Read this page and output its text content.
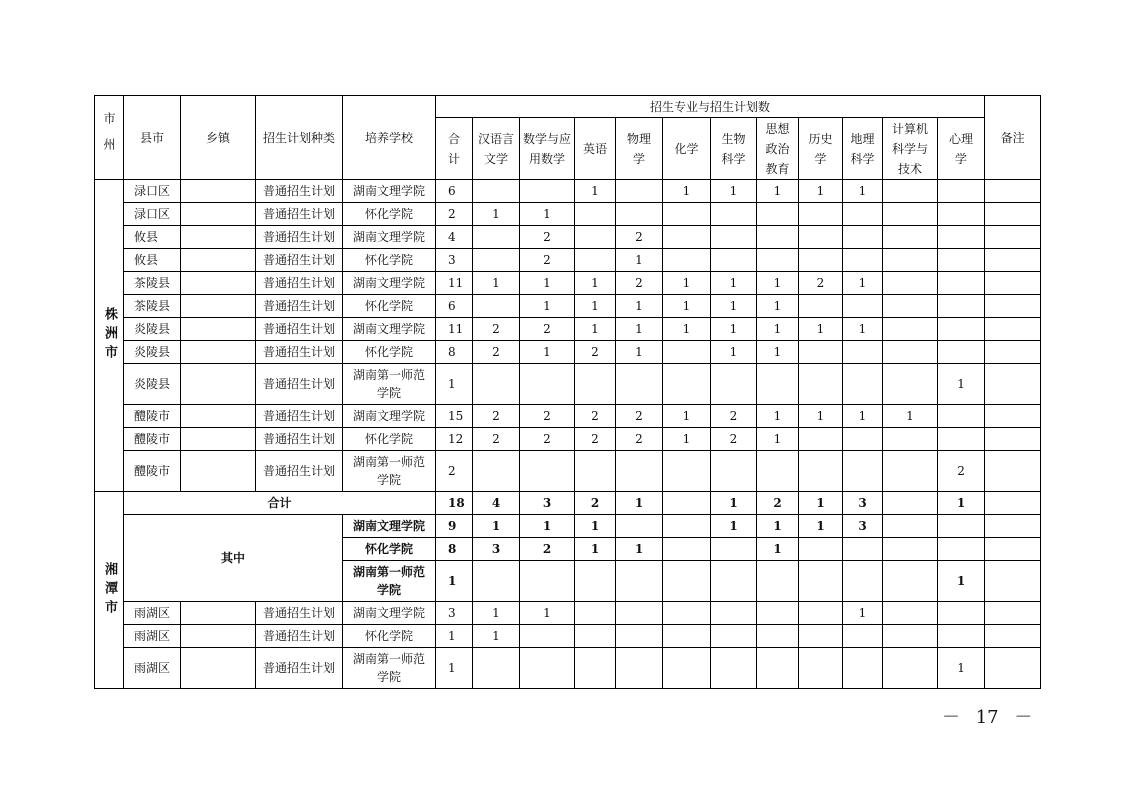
市州	县市	乡镇	招生计划种类	培养学校	招生专业与招生计划数												备注

					合计	汉语言文学	数学与应用数学	英语	物理学	化学	生物科学	思想政治教育	历史学	地理科学	计算机科学与技术	心理学	

株洲市	渌口区		普通招生计划	湖南文理学院	6			1		1	1	1	1	1			
	渌口区		普通招生计划	怀化学院	2	1	1										
	攸县		普通招生计划	湖南文理学院	4		2		2								
	攸县		普通招生计划	怀化学院	3		2		1								
	茶陵县		普通招生计划	湖南文理学院	11	1	1	1	2	1	1	1	2	1			
	茶陵县		普通招生计划	怀化学院	6		1	1	1	1	1	1					
	炎陵县		普通招生计划	湖南文理学院	11	2	2	1	1	1	1	1	1	1			
	炎陵县		普通招生计划	怀化学院	8	2	1	2	1		1	1					
	炎陵县		普通招生计划	湖南第一师范学院	1											1	
	醴陵市		普通招生计划	湖南文理学院	15	2	2	2	2	1	2	1	1	1	1		
	醴陵市		普通招生计划	怀化学院	12	2	2	2	2	1	2	1					
	醴陵市		普通招生计划	湖南第一师范学院	2											2	

湘潭市	合计				18	4	3	2	1		1	2	1	3		1	
	其中			湖南文理学院	9	1	1	1			1	1	1	3			

				怀化学院	8	3	2	1	1			1					

				湖南第一师范学院	1											1	
	雨湖区		普通招生计划	湖南文理学院	3	1	1							1			
	雨湖区		普通招生计划	怀化学院	1	1											
	雨湖区		普通招生计划	湖南第一师范学院	1											1	
－ 17 －
